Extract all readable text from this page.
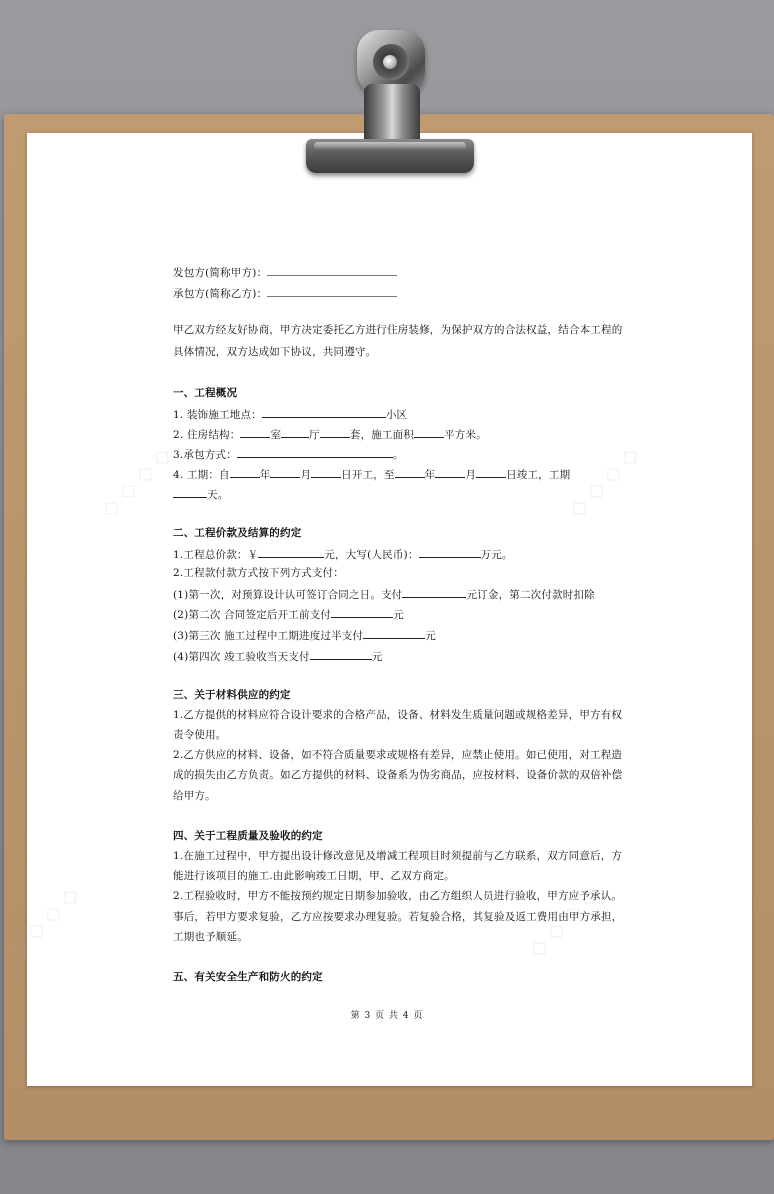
◇ ◇ ◇ ◇	◇ ◇ ◇ ◇
◇ ◇ ◇ ◇	◇ ◇ ◇ ◇
发包方(简称甲方)：
承包方(简称乙方)：
甲乙双方经友好协商，甲方决定委托乙方进行住房装修，为保护双方的合法权益，结合本工程的
具体情况，双方达成如下协议，共同遵守。
一、工程概况
1. 装饰施工地点：	小区
2. 住房结构：	室	厅	套，施工面积	平方米。
3.承包方式：	。
4. 工期：自	年	月	日开工，至	年	月	日竣工，工期
天。
二、工程价款及结算的约定
1.工程总价款：￥	元，大写(人民币)：	万元。
2.工程款付款方式按下列方式支付：
(1)第一次，对预算设计认可签订合同之日。支付	元订金，第二次付款时扣除
(2)第二次 合同签定后开工前支付	元
(3)第三次 施工过程中工期进度过半支付	元
(4)第四次 竣工验收当天支付	元
三、关于材料供应的约定
1.乙方提供的材料应符合设计要求的合格产品，设备、材料发生质量问题或规格差异，甲方有权
责令使用。
2.乙方供应的材料、设备，如不符合质量要求或规格有差异，应禁止使用。如已使用，对工程造
成的损失由乙方负责。如乙方提供的材料、设备系为伪劣商品，应按材料、设备价款的双倍补偿
给甲方。
四、关于工程质量及验收的约定
1.在施工过程中，甲方提出设计修改意见及增减工程项目时须提前与乙方联系，双方同意后，方
能进行该项目的施工.由此影响竣工日期，甲、乙双方商定。
2.工程验收时，甲方不能按预约规定日期参加验收，由乙方组织人员进行验收，甲方应予承认。
事后，若甲方要求复验，乙方应按要求办理复验。若复验合格，其复验及返工费用由甲方承担，
工期也予顺延。
五、有关安全生产和防火的约定
第 3 页 共 4 页
